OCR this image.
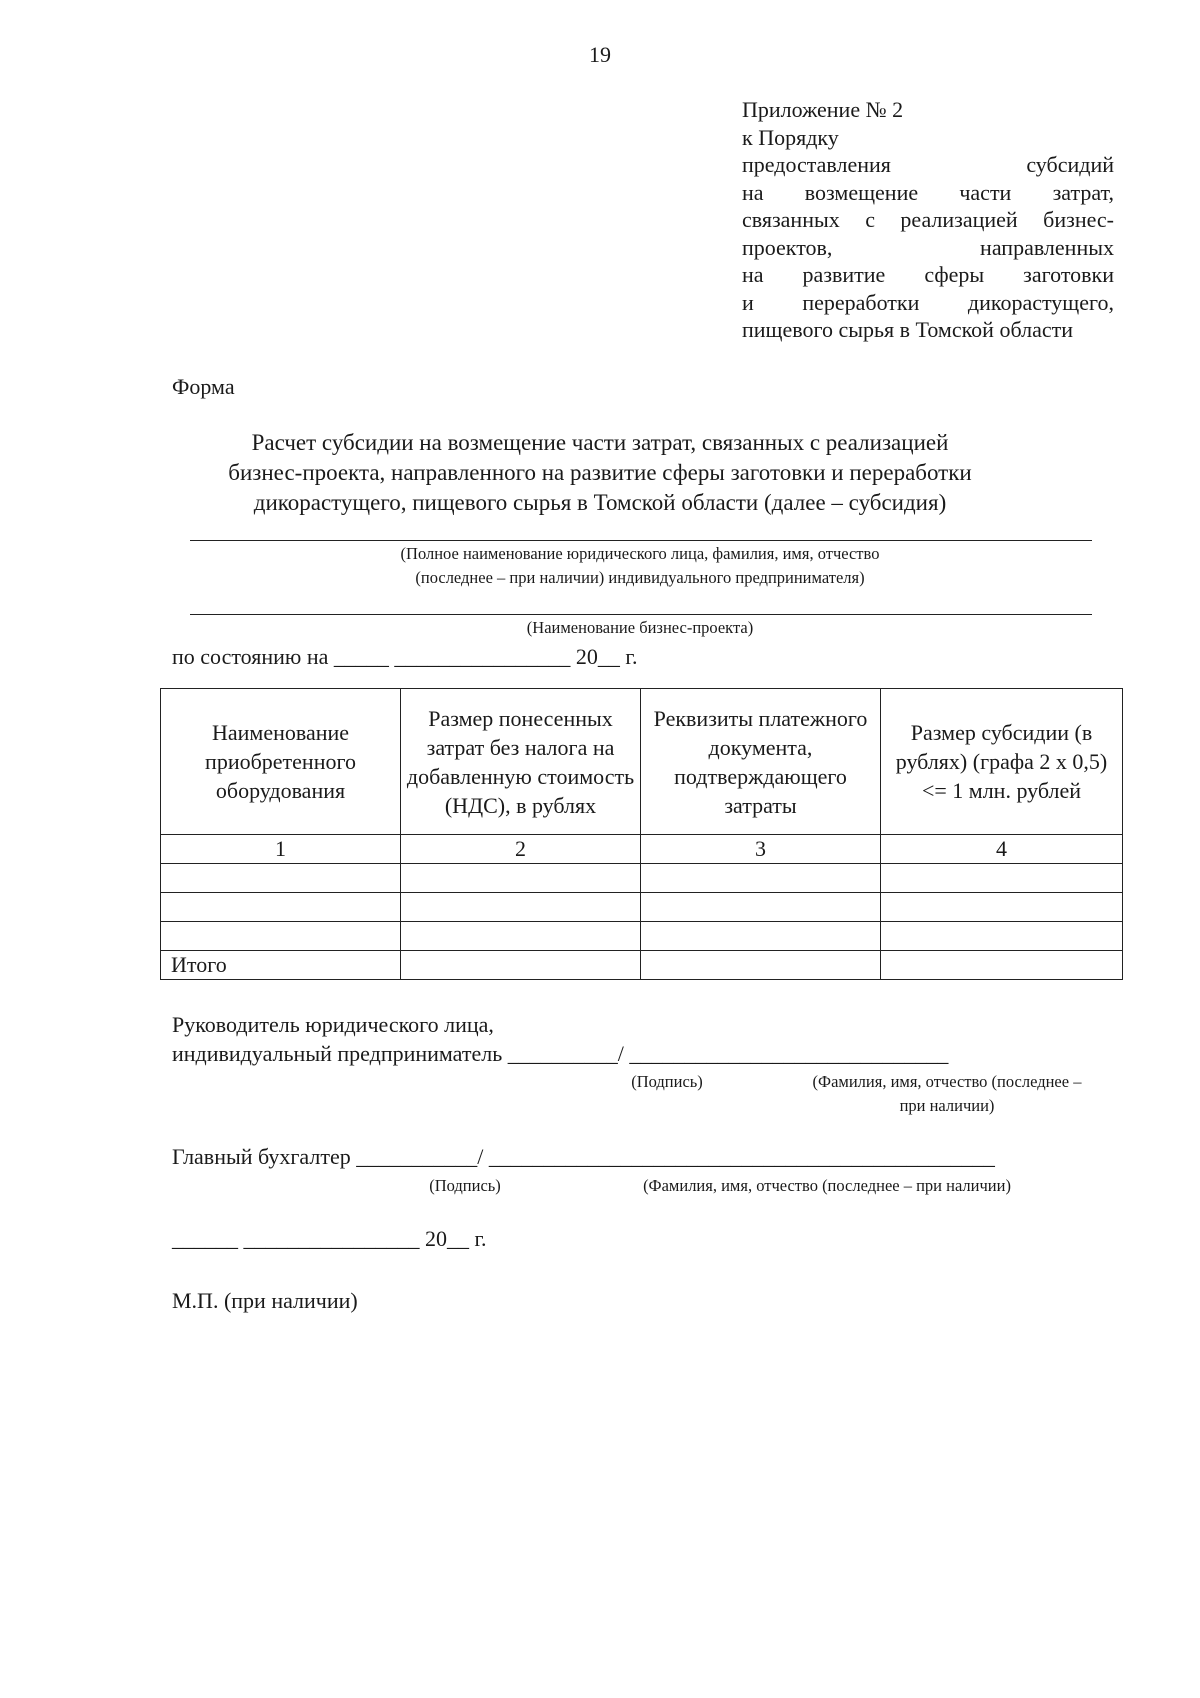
19
Приложение № 2
к Порядку
предоставления субсидий
на возмещение части затрат,
связанных с реализацией бизнес-
проектов, направленных
на развитие сферы заготовки
и переработки дикорастущего,
пищевого сырья в Томской области
Форма
Расчет субсидии на возмещение части затрат, связанных с реализацией
бизнес-проекта, направленного на развитие сферы заготовки и переработки
дикорастущего, пищевого сырья в Томской области (далее – субсидия)
(Полное наименование юридического лица, фамилия, имя, отчество
(последнее – при наличии) индивидуального предпринимателя)
(Наименование бизнес-проекта)
по состоянию на _____ ________________ 20__ г.
Наименование приобретенного оборудования	Размер понесенных затрат без налога на добавленную стоимость (НДС), в рублях	Реквизиты платежного документа, подтверждающего затраты	Размер субсидии (в рублях) (графа 2 x 0,5) <= 1 млн. рублей
1	2	3	4

Итого			
Руководитель юридического лица,
индивидуальный предприниматель __________/ _____________________________
(Подпись)	(Фамилия, имя, отчество (последнее –
при наличии)
Главный бухгалтер ___________/ ______________________________________________
(Подпись)	(Фамилия, имя, отчество (последнее – при наличии)
______ ________________ 20__ г.
М.П. (при наличии)
